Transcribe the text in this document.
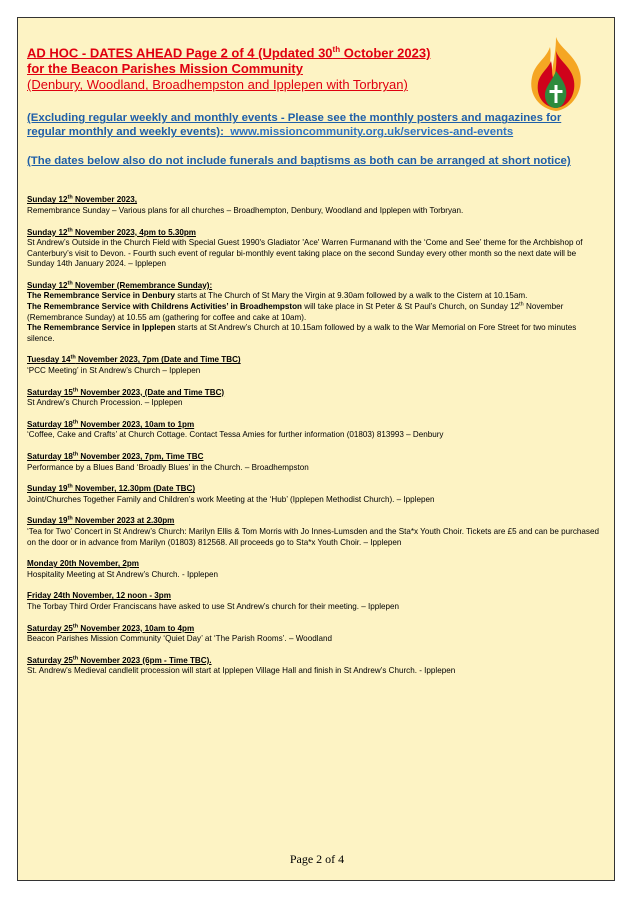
AD HOC - DATES AHEAD Page 2 of 4 (Updated 30th October 2023)

for the Beacon Parishes Mission Community

(Denbury, Woodland, Broadhempston and Ipplepen with Torbryan)

(Excluding regular weekly and monthly events - Please see the monthly posters and magazines for regular monthly and weekly events): www.missioncommunity.org.uk/services-and-events

(The dates below also do not include funerals and baptisms as both can be arranged at short notice)

Sunday 12th November 2023,
Remembrance Sunday – Various plans for all churches – Broadhempton, Denbury, Woodland and Ipplepen with Torbryan.

Sunday 12th November 2023, 4pm to 5.30pm
St Andrew’s Outside in the Church Field with Special Guest 1990's Gladiator 'Ace' Warren Furmanand with the ‘Come and See’ theme for the Archbishop of Canterbury’s visit to Devon. - Fourth such event of regular bi-monthly event taking place on the second Sunday every other month so the next date will be Sunday 14th January 2024. – Ipplepen

Sunday 12th November (Remembrance Sunday):
The Remembrance Service in Denbury starts at The Church of St Mary the Virgin at 9.30am followed by a walk to the Cistern at 10.15am.
The Remembrance Service with Childrens Activities’ in Broadhempston will take place in St Peter & St Paul’s Church, on Sunday 12th November (Remembrance Sunday) at 10.55 am (gathering for coffee and cake at 10am).
The Remembrance Service in Ipplepen starts at St Andrew’s Church at 10.15am followed by a walk to the War Memorial on Fore Street for two minutes silence.

Tuesday 14th November 2023, 7pm (Date and Time TBC)
‘PCC Meeting’ in St Andrew’s Church – Ipplepen

Saturday 15th November 2023, (Date and Time TBC)
St Andrew’s Church Procession. – Ipplepen

Saturday 18th November 2023, 10am to 1pm
‘Coffee, Cake and Crafts’ at Church Cottage. Contact Tessa Amies for further information (01803) 813993 – Denbury

Saturday 18th November 2023, 7pm, Time TBC
Performance by a Blues Band ‘Broadly Blues’ in the Church. – Broadhempston

Sunday 19th November, 12.30pm (Date TBC)
Joint/Churches Together Family and Children’s work Meeting at the ‘Hub’ (Ipplepen Methodist Church). – Ipplepen

Sunday 19th November 2023 at 2.30pm
‘Tea for Two’ Concert in St Andrew’s Church: Marilyn Ellis & Tom Morris with Jo Innes-Lumsden and the Sta*x Youth Choir. Tickets are £5 and can be purchased on the door or in advance from Marilyn (01803) 812568. All proceeds go to Sta*x Youth Choir. – Ipplepen

Monday 20th November, 2pm
Hospitality Meeting at St Andrew’s Church. - Ipplepen

Friday 24th November, 12 noon - 3pm
The Torbay Third Order Franciscans have asked to use St Andrew’s church for their meeting. – Ipplepen

Saturday 25th November 2023, 10am to 4pm
Beacon Parishes Mission Community ‘Quiet Day’ at ‘The Parish Rooms’. – Woodland

Saturday 25th November 2023 (6pm - Time TBC).
St. Andrew's Medieval candlelit procession will start at Ipplepen Village Hall and finish in St Andrew’s Church. - Ipplepen

Page 2 of 4
